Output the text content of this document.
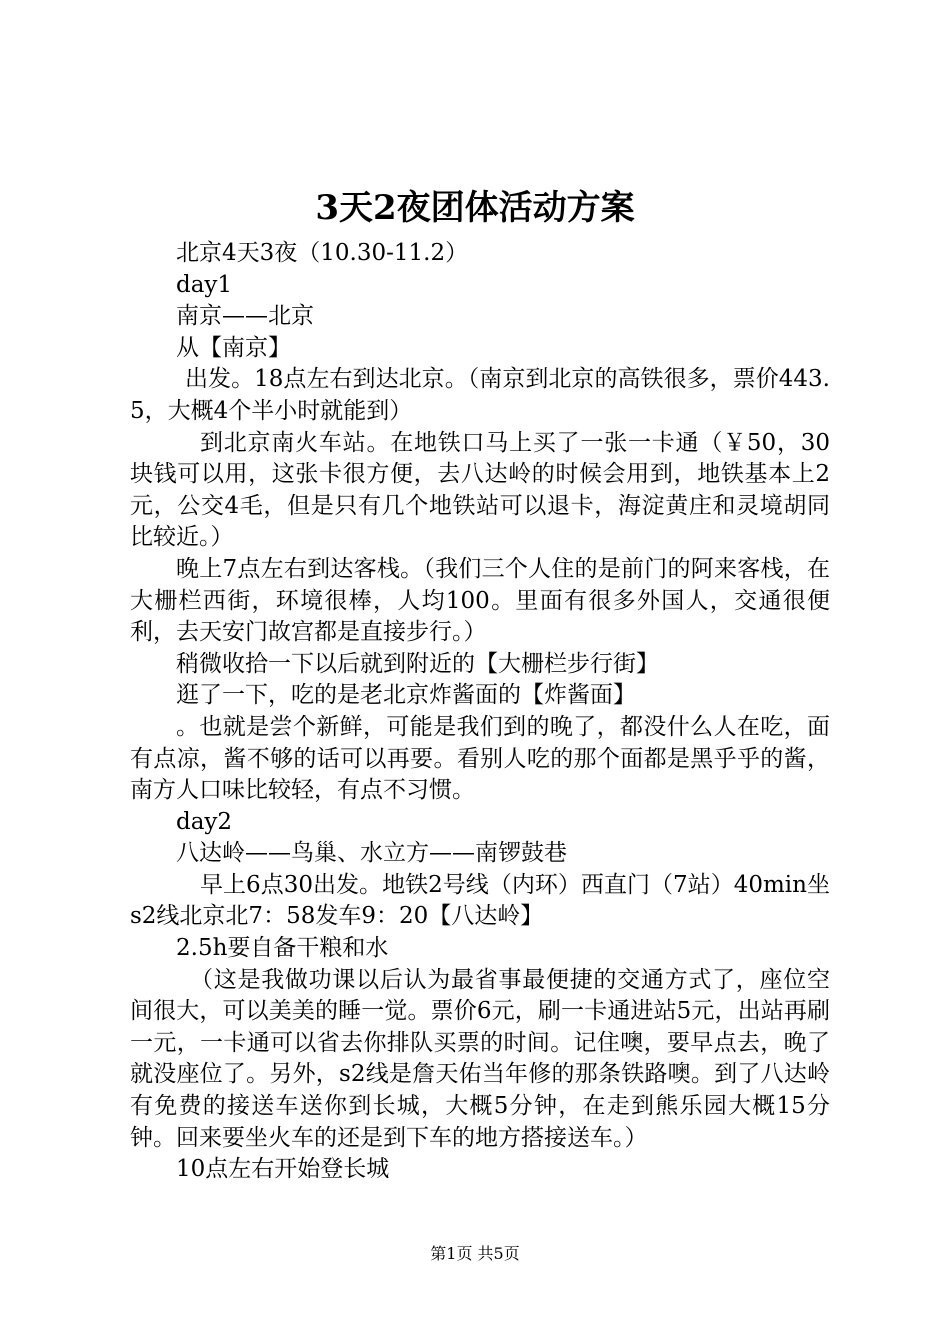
3天2夜团体活动方案

北京4天3夜（10.30-11.2）

day1

南京——北京

从【南京】

出发。18点左右到达北京。（南京到北京的高铁很多，票价443.5，大概4个半小时就能到）

到北京南火车站。在地铁口马上买了一张一卡通（￥50，30块钱可以用，这张卡很方便，去八达岭的时候会用到，地铁基本上2元，公交4毛，但是只有几个地铁站可以退卡，海淀黄庄和灵境胡同比较近。）

晚上7点左右到达客栈。（我们三个人住的是前门的阿来客栈，在大栅栏西街，环境很棒，人均100。里面有很多外国人，交通很便利，去天安门故宫都是直接步行。）

稍微收拾一下以后就到附近的【大栅栏步行街】

逛了一下，吃的是老北京炸酱面的【炸酱面】

。也就是尝个新鲜，可能是我们到的晚了，都没什么人在吃，面有点凉，酱不够的话可以再要。看别人吃的那个面都是黑乎乎的酱，南方人口味比较轻，有点不习惯。

day2

八达岭——鸟巢、水立方——南锣鼓巷

早上6点30出发。地铁2号线（内环）西直门（7站）40min坐s2线北京北7：58发车9：20【八达岭】

2.5h要自备干粮和水

（这是我做功课以后认为最省事最便捷的交通方式了，座位空间很大，可以美美的睡一觉。票价6元，刷一卡通进站5元，出站再刷一元，一卡通可以省去你排队买票的时间。记住噢，要早点去，晚了就没座位了。另外，s2线是詹天佑当年修的那条铁路噢。到了八达岭有免费的接送车送你到长城，大概5分钟，在走到熊乐园大概15分钟。回来要坐火车的还是到下车的地方搭接送车。）

10点左右开始登长城

第1页 共5页
